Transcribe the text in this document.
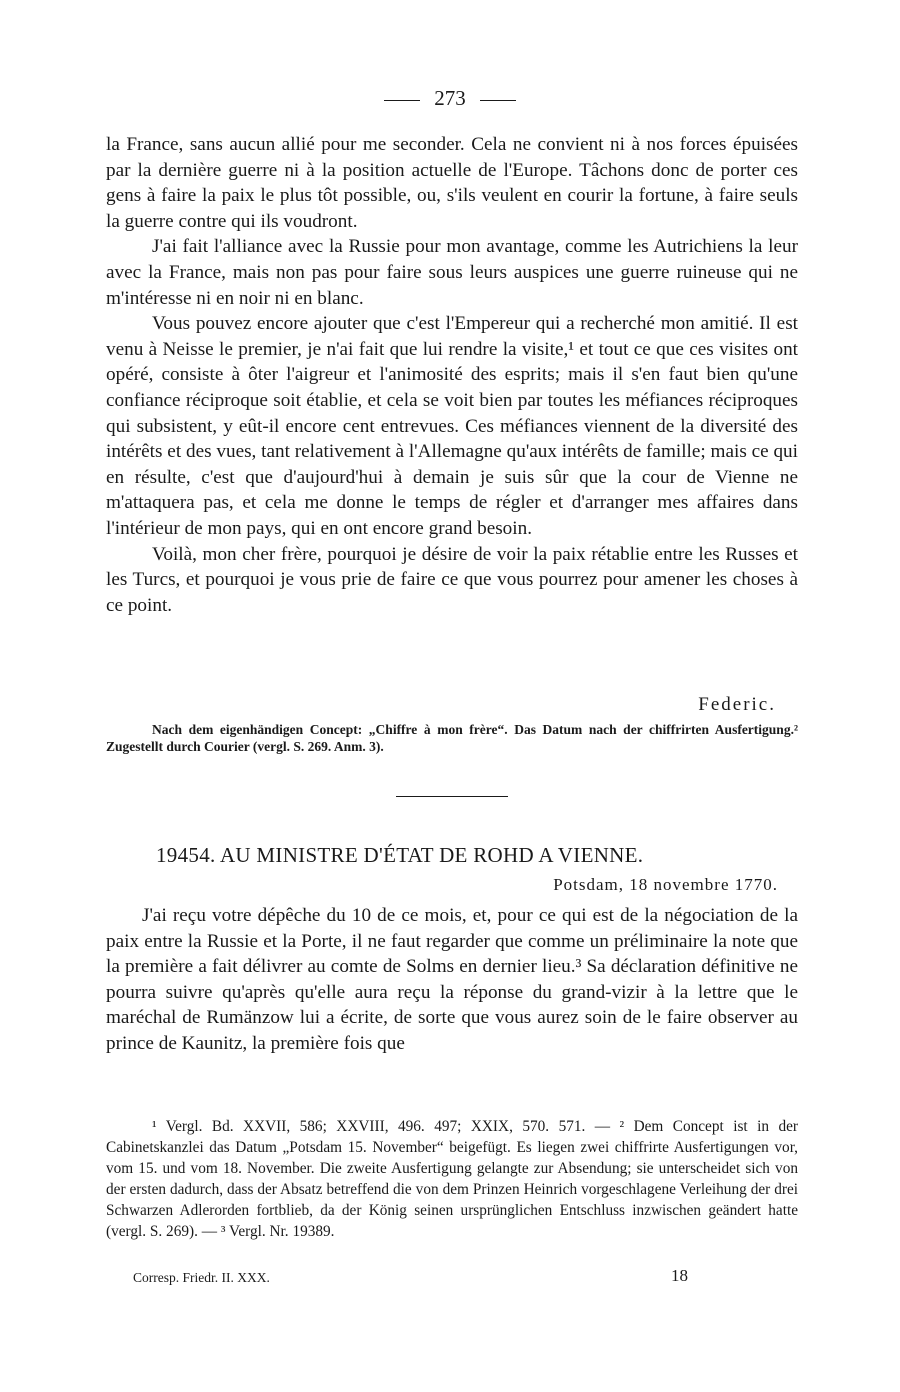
273

la France, sans aucun allié pour me seconder. Cela ne convient ni à nos forces épuisées par la dernière guerre ni à la position actuelle de l'Europe. Tâchons donc de porter ces gens à faire la paix le plus tôt possible, ou, s'ils veulent en courir la fortune, à faire seuls la guerre contre qui ils voudront.

J'ai fait l'alliance avec la Russie pour mon avantage, comme les Autrichiens la leur avec la France, mais non pas pour faire sous leurs auspices une guerre ruineuse qui ne m'intéresse ni en noir ni en blanc.

Vous pouvez encore ajouter que c'est l'Empereur qui a recherché mon amitié. Il est venu à Neisse le premier, je n'ai fait que lui rendre la visite,¹ et tout ce que ces visites ont opéré, consiste à ôter l'aigreur et l'animosité des esprits; mais il s'en faut bien qu'une confiance réciproque soit établie, et cela se voit bien par toutes les méfiances réciproques qui subsistent, y eût-il encore cent entrevues. Ces méfiances viennent de la diversité des intérêts et des vues, tant relativement à l'Allemagne qu'aux intérêts de famille; mais ce qui en résulte, c'est que d'aujourd'hui à demain je suis sûr que la cour de Vienne ne m'attaquera pas, et cela me donne le temps de régler et d'arranger mes affaires dans l'intérieur de mon pays, qui en ont encore grand besoin.

Voilà, mon cher frère, pourquoi je désire de voir la paix rétablie entre les Russes et les Turcs, et pourquoi je vous prie de faire ce que vous pourrez pour amener les choses à ce point.

Federic.
Nach dem eigenhändigen Concept: „Chiffre à mon frère“. Das Datum nach der chiffrirten Ausfertigung.² Zugestellt durch Courier (vergl. S. 269. Anm. 3).
19454. AU MINISTRE D'ÉTAT DE ROHD A VIENNE.
Potsdam, 18 novembre 1770.

J'ai reçu votre dépêche du 10 de ce mois, et, pour ce qui est de la négociation de la paix entre la Russie et la Porte, il ne faut regarder que comme un préliminaire la note que la première a fait délivrer au comte de Solms en dernier lieu.³ Sa déclaration définitive ne pourra suivre qu'après qu'elle aura reçu la réponse du grand-vizir à la lettre que le maréchal de Rumänzow lui a écrite, de sorte que vous aurez soin de le faire observer au prince de Kaunitz, la première fois que

¹ Vergl. Bd. XXVII, 586; XXVIII, 496. 497; XXIX, 570. 571. — ² Dem Concept ist in der Cabinetskanzlei das Datum „Potsdam 15. November“ beigefügt. Es liegen zwei chiffrirte Ausfertigungen vor, vom 15. und vom 18. November. Die zweite Ausfertigung gelangte zur Absendung; sie unterscheidet sich von der ersten dadurch, dass der Absatz betreffend die von dem Prinzen Heinrich vorgeschlagene Verleihung der drei Schwarzen Adlerorden fortblieb, da der König seinen ursprünglichen Entschluss inzwischen geändert hatte (vergl. S. 269). — ³ Vergl. Nr. 19389.

Corresp. Friedr. II. XXX.	18
